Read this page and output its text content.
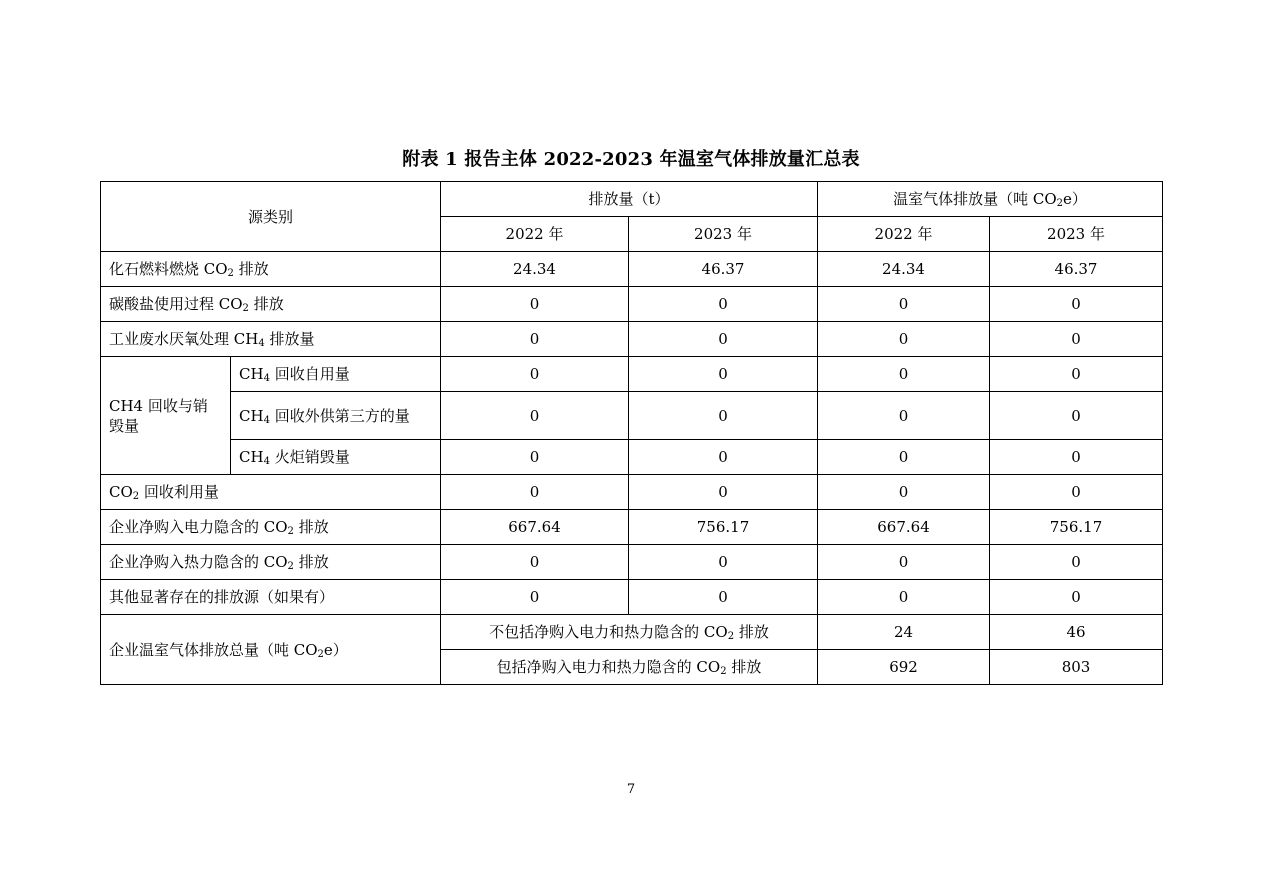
附表 1 报告主体 2022-2023 年温室气体排放量汇总表
源类别		排放量（t）		温室气体排放量（吨 $CO_2e$）	
		2022 年	2023 年	2022 年	2023 年
化石燃料燃烧 $CO_2$ 排放		24.34	46.37	24.34	46.37
碳酸盐使用过程 $CO_2$ 排放		0	0	0	0
工业废水厌氧处理 $CH_4$ 排放量		0	0	0	0
CH4 回收与销毁量	$CH_4$ 回收自用量	0	0	0	0
	$CH_4$ 回收外供第三方的量	0	0	0	0
	$CH_4$ 火炬销毁量	0	0	0	0
$CO_2$ 回收利用量		0	0	0	0
企业净购入电力隐含的 $CO_2$ 排放		667.64	756.17	667.64	756.17
企业净购入热力隐含的 $CO_2$ 排放		0	0	0	0
其他显著存在的排放源（如果有）		0	0	0	0
企业温室气体排放总量（吨 $CO_2e$）		不包括净购入电力和热力隐含的 $CO_2$ 排放		24	46
		包括净购入电力和热力隐含的 $CO_2$ 排放		692	803
7
